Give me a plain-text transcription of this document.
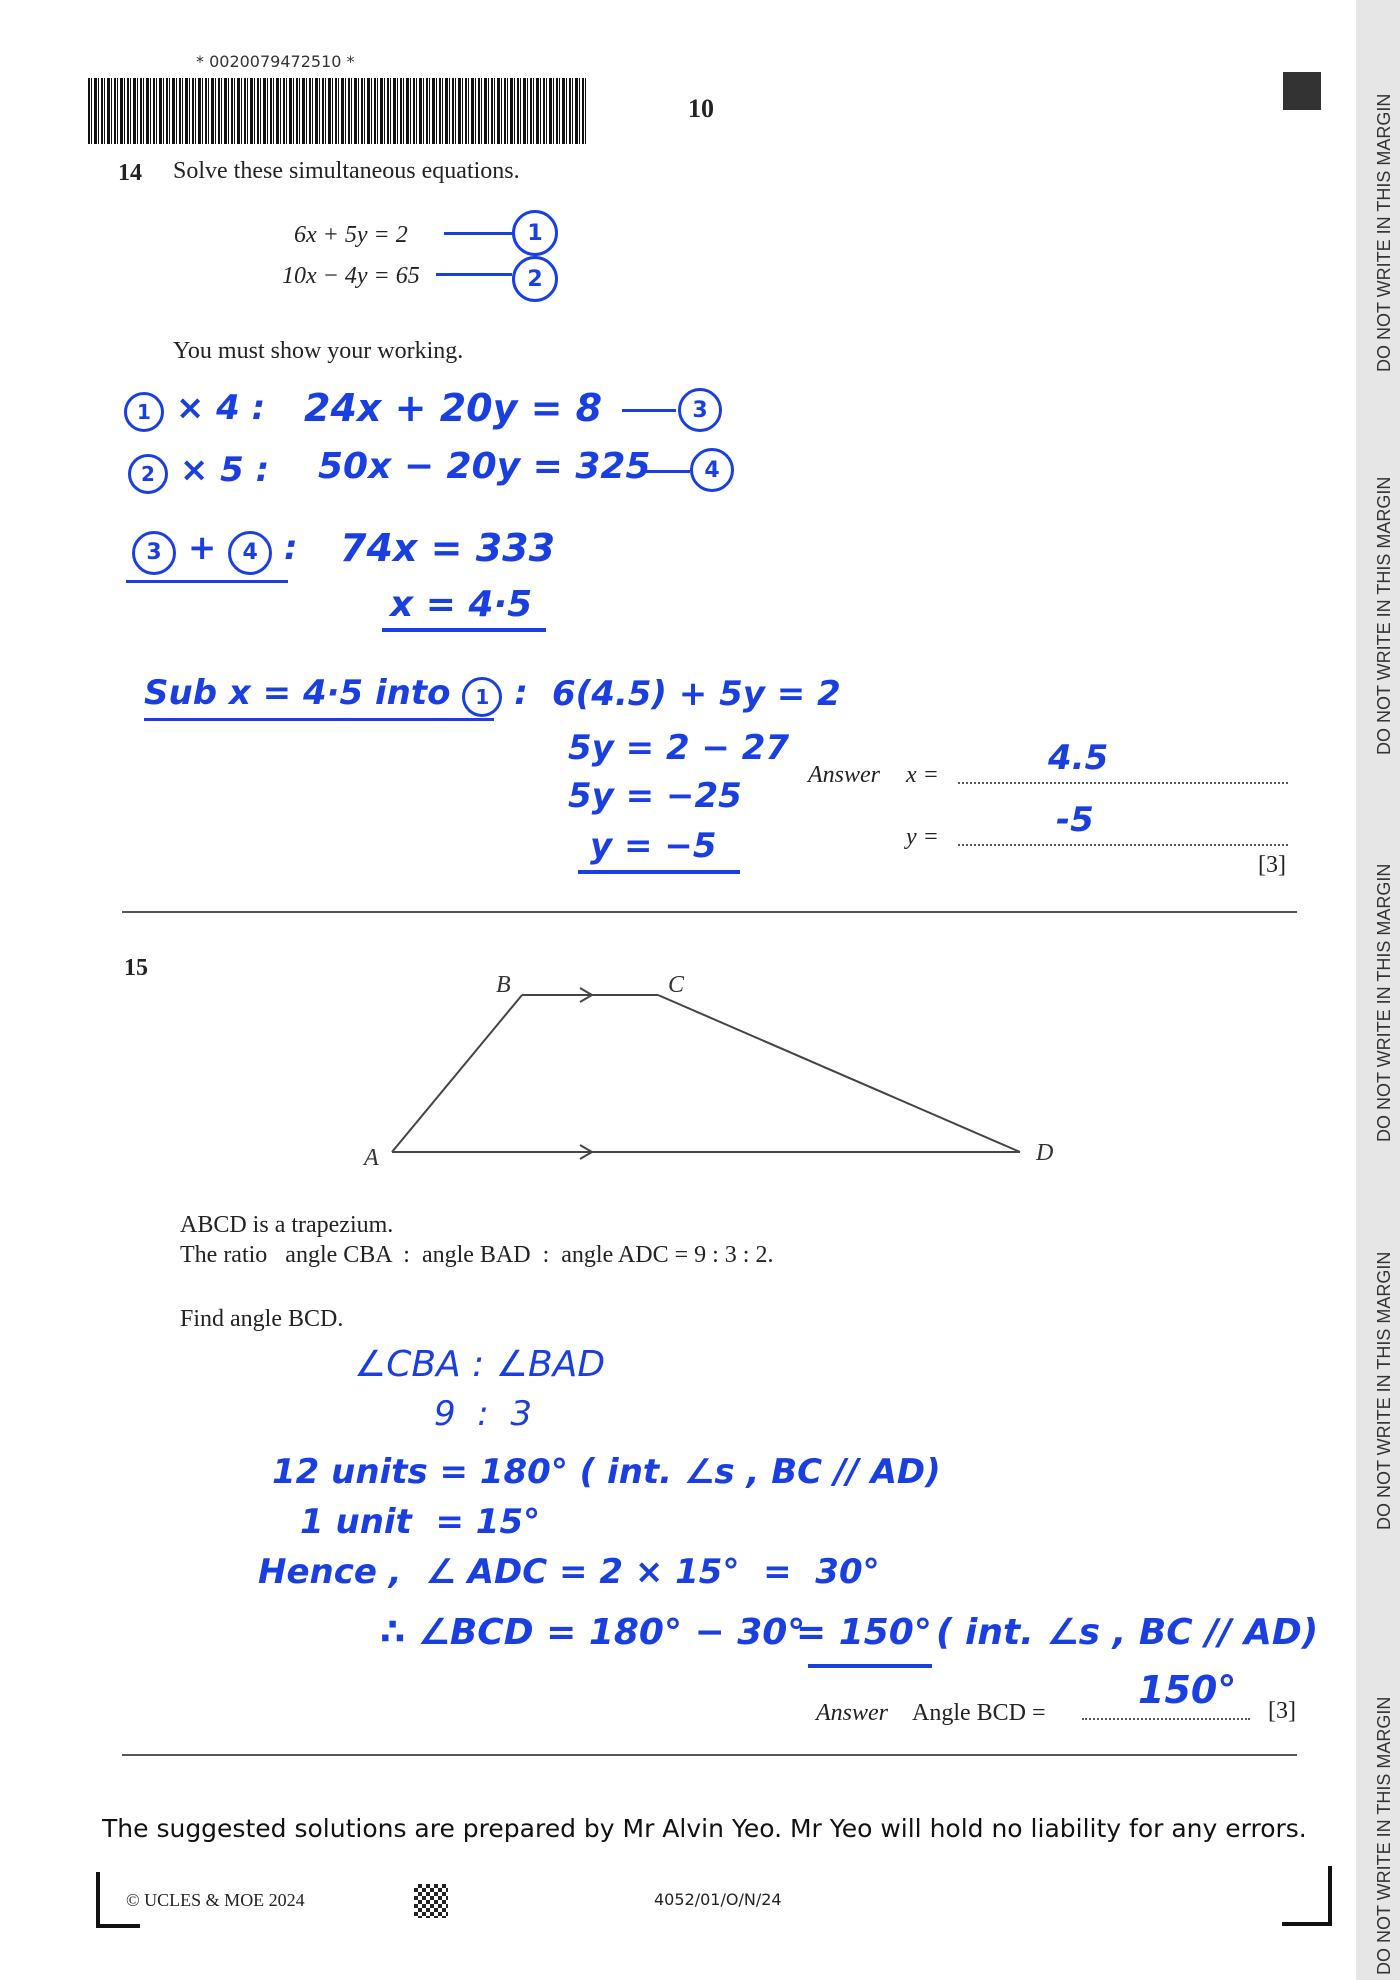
DO NOT WRITE IN THIS MARGIN
DO NOT WRITE IN THIS MARGIN
DO NOT WRITE IN THIS MARGIN
DO NOT WRITE IN THIS MARGIN
DO NOT WRITE IN THIS MARGIN
* 0020079472510 *
10
14 Solve these simultaneous equations.
6x + 5y = 2
10x − 4y = 65
1
2
You must show your working.
1 × 4 : 24x + 20y = 8	3
2 × 5 : 50x − 20y = 325	4
3 + 4 : 74x = 333
x = 4·5
Sub x = 4·5 into 1 : 6(4.5) + 5y = 2
5y = 2 − 27
5y = −25
y = −5
Answer x =	4.5
y =	-5
[3]
15
B	C
A	D
ABCD is a trapezium.
The ratio   angle CBA  :  angle BAD  :  angle ADC = 9 : 3 : 2.
Find angle BCD.
∠CBA : ∠BAD
9  :  3
12 units = 180° ( int. ∠s , BC // AD)
1 unit  = 15°
Hence ,  ∠ ADC = 2 × 15°  =  30°
∴ ∠BCD = 180° − 30°
= 150° ( int. ∠s , BC // AD)
Answer Angle BCD =
150° [3]
The suggested solutions are prepared by Mr Alvin Yeo. Mr Yeo will hold no liability for any errors.
© UCLES & MOE 2024	4052/01/O/N/24
